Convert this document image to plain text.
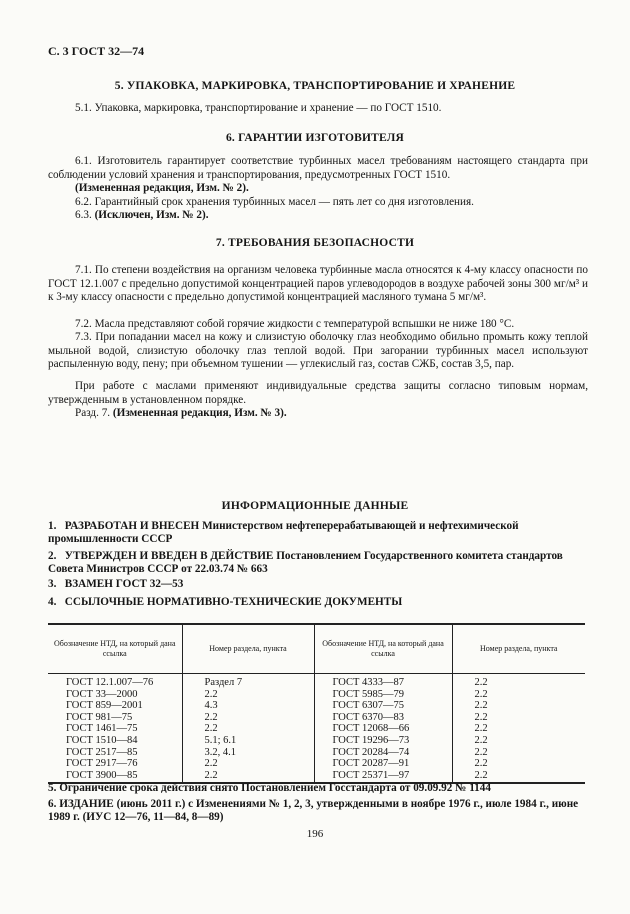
С. 3 ГОСТ 32—74
5. УПАКОВКА, МАРКИРОВКА, ТРАНСПОРТИРОВАНИЕ И ХРАНЕНИЕ
5.1. Упаковка, маркировка, транспортирование и хранение — по ГОСТ 1510.
6. ГАРАНТИИ ИЗГОТОВИТЕЛЯ
6.1. Изготовитель гарантирует соответствие турбинных масел требованиям настоящего стандарта при соблюдении условий хранения и транспортирования, предусмотренных ГОСТ 1510.
(Измененная редакция, Изм. № 2).
6.2. Гарантийный срок хранения турбинных масел — пять лет со дня изготовления.
6.3. (Исключен, Изм. № 2).
7. ТРЕБОВАНИЯ БЕЗОПАСНОСТИ
7.1. По степени воздействия на организм человека турбинные масла относятся к 4-му классу опасности по ГОСТ 12.1.007 с предельно допустимой концентрацией паров углеводородов в воздухе рабочей зоны 300 мг/м³ и к 3-му классу опасности с предельно допустимой концентрацией масляного тумана 5 мг/м³.
7.2. Масла представляют собой горячие жидкости с температурой вспышки не ниже 180 °С.
7.3. При попадании масел на кожу и слизистую оболочку глаз необходимо обильно промыть кожу теплой мыльной водой, слизистую оболочку глаз теплой водой. При загорании турбинных масел используют распыленную воду, пену; при объемном тушении — углекислый газ, состав СЖБ, состав 3,5, пар.
При работе с маслами применяют индивидуальные средства защиты согласно типовым нормам, утвержденным в установленном порядке.
Разд. 7. (Измененная редакция, Изм. № 3).
ИНФОРМАЦИОННЫЕ ДАННЫЕ
1. РАЗРАБОТАН И ВНЕСЕН Министерством нефтеперерабатывающей и нефтехимической промышленности СССР
2. УТВЕРЖДЕН И ВВЕДЕН В ДЕЙСТВИЕ Постановлением Государственного комитета стандартов Совета Министров СССР от 22.03.74 № 663
3. ВЗАМЕН ГОСТ 32—53
4. ССЫЛОЧНЫЕ НОРМАТИВНО-ТЕХНИЧЕСКИЕ ДОКУМЕНТЫ
Обозначение НТД, на который дана ссылка	Номер раздела, пункта	Обозначение НТД, на который дана ссылка	Номер раздела, пункта
ГОСТ 12.1.007—76	Раздел 7	ГОСТ 4333—87	2.2
ГОСТ 33—2000	2.2	ГОСТ 5985—79	2.2
ГОСТ 859—2001	4.3	ГОСТ 6307—75	2.2
ГОСТ 981—75	2.2	ГОСТ 6370—83	2.2
ГОСТ 1461—75	2.2	ГОСТ 12068—66	2.2
ГОСТ 1510—84	5.1; 6.1	ГОСТ 19296—73	2.2
ГОСТ 2517—85	3.2, 4.1	ГОСТ 20284—74	2.2
ГОСТ 2917—76	2.2	ГОСТ 20287—91	2.2
ГОСТ 3900—85	2.2	ГОСТ 25371—97	2.2
5. Ограничение срока действия снято Постановлением Госстандарта от 09.09.92 № 1144
6. ИЗДАНИЕ (июнь 2011 г.) с Изменениями № 1, 2, 3, утвержденными в ноябре 1976 г., июле 1984 г., июне 1989 г. (ИУС 12—76, 11—84, 8—89)
196
